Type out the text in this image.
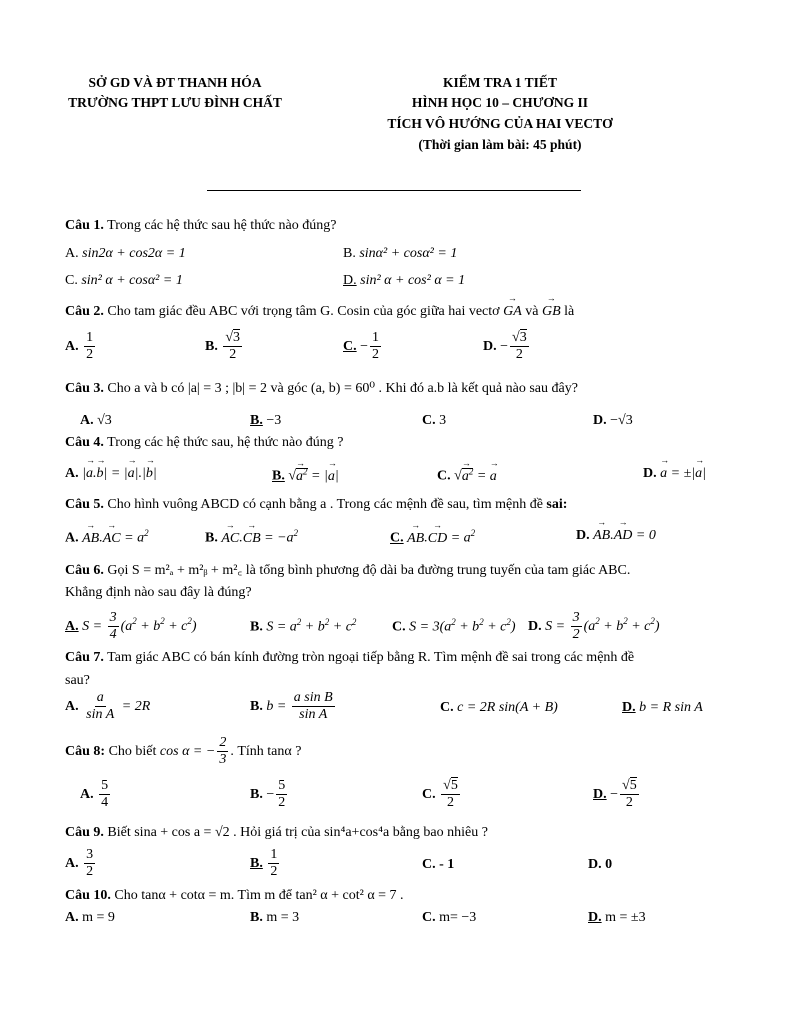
SỞ GD VÀ ĐT THANH HÓA
TRƯỜNG THPT LƯU ĐÌNH CHẤT
KIỂM TRA 1 TIẾT
HÌNH HỌC 10 – CHƯƠNG II
TÍCH VÔ HƯỚNG CỦA HAI VECTƠ
(Thời gian làm bài: 45 phút)
Câu 1. Trong các hệ thức sau hệ thức nào đúng?
A. sin2α + cos2α = 1	B. sinα² + cosα² = 1
C. sin² α + cosα² = 1	D. sin² α + cos² α = 1
Câu 2. Cho tam giác đều ABC với trọng tâm G. Cosin của góc giữa hai vectơ → GA và → GB là
A. $\frac{1}{2}$	B. $\frac{√3}{2}$	C. − $\frac{1}{2}$	D. − $\frac{√3}{2}$
Câu 3. Cho a và b có |a| = 3 ; |b| = 2 và góc (a, b) = 60⁰ . Khi đó a.b là kết quả nào sau đây?
A. √3	B. −3	C. 3	D. −√3
Câu 4. Trong các hệ thức sau, hệ thức nào đúng ?
A. |→ a.→ b| = |→ a|.|→ b|	B. √→ $a^2$ = |→ a|	C. √→ $a^2$ = → a	D. → a = ±|→ a|
Câu 5. Cho hình vuông ABCD có cạnh bằng a . Trong các mệnh đề sau, tìm mệnh đề sai:
A. → AB.→ AC = $a^2$	B. → AC.→ CB = $-a^2$	C. → AB.→ CD = $a^2$	D. → AB.→ AD = 0
Câu 6. Gọi S = m²ₐ + m²ᵦ + m²꜀ là tổng bình phương độ dài ba đường trung tuyến của tam giác ABC.
Khẳng định nào sau đây là đúng?
A. $S = \frac{3}{4} (a^2 + b^2 + c^2)$	B. $S = a^2 + b^2 + c^2$	C. $S = 3(a^2 + b^2 + c^2)$ D. $S = \frac{3}{2} (a^2 + b^2 + c^2)$
Câu 7. Tam giác ABC có bán kính đường tròn ngoại tiếp bằng R. Tìm mệnh đề sai trong các mệnh đề
sau?
A. $\frac{a}{\text{sin A}} = 2R$	B. $b = \frac{\text{a sin B}}{\text{sin A}}$	C. c = 2R sin(A + B)	D. b = R sin A
Câu 8: Cho biết cos α = − $\frac{2}{3}$ . Tính tanα ?
A. $\frac{5}{4}$	B. − $\frac{5}{2}$	C. $\frac{√5}{2}$	D. − $\frac{√5}{2}$
Câu 9. Biết sina + cos a = √2 . Hỏi giá trị của sin⁴a+cos⁴a bằng bao nhiêu ?
A. $\frac{3}{2}$	B. $\frac{1}{2}$	C. - 1	D. 0
Câu 10. Cho tanα + cotα = m. Tìm m để tan² α + cot² α = 7 .
A. m = 9	B. m = 3	C. m= −3	D. m = ±3
